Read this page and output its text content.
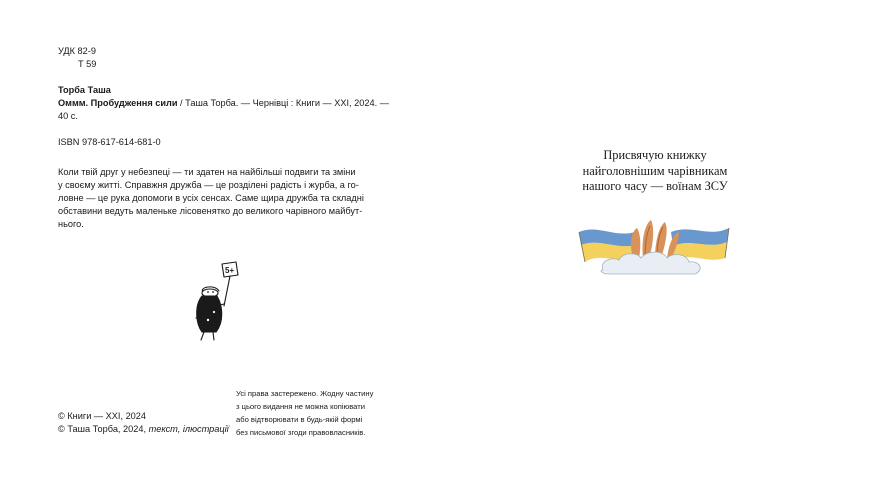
УДК 82-9

Т 59

Торба Таша

Оммм. Пробудження сили / Таша Торба. — Чернівці : Книги — XXI, 2024. —

40 с.

ISBN 978-617-614-681-0

Коли твій друг у небезпеці — ти здатен на найбільші подвиги та зміни
у своєму житті. Справжня дружба — це розділені радість і журба, а го-
ловне — це рука допомоги в усіх сенсах. Саме щира дружба та складні
обставини ведуть маленьке лісовенятко до великого чарівного майбут-
нього.
5+

© Книги — XXI, 2024

© Таша Торба, 2024, текст, ілюстрації

Усі права застережено. Жодну частину
з цього видання не можна копіювати
або відтворювати в будь-якій формі
без письмової згоди правовласників.
Присвячую книжку
найголовнішим чарівникам
нашого часу — воїнам ЗСУ
